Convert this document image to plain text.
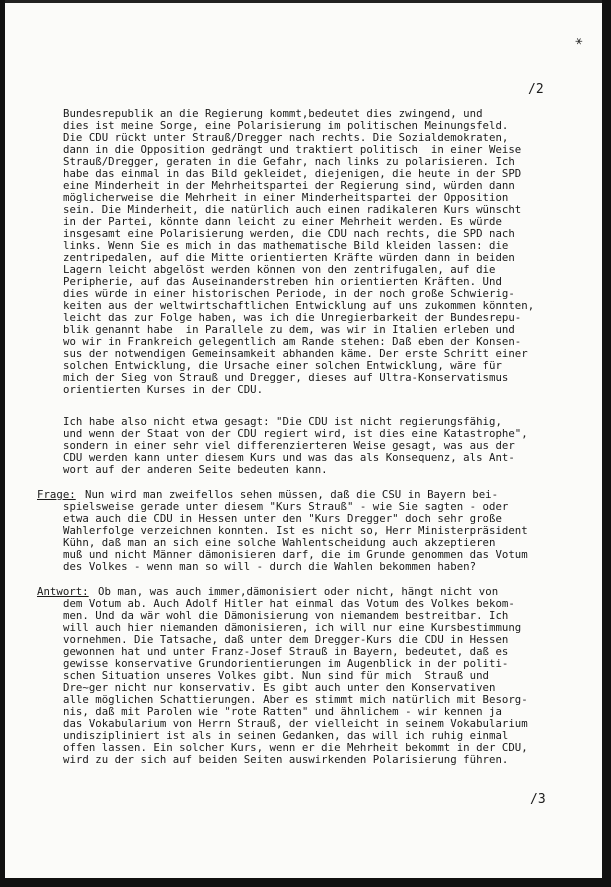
*
/2
Bundesrepublik an die Regierung kommt,bedeutet dies zwingend, und
dies ist meine Sorge, eine Polarisierung im politischen Meinungsfeld.
Die CDU rückt unter Strauß/Dregger nach rechts. Die Sozialdemokraten,
dann in die Opposition gedrängt und traktiert politisch  in einer Weise
Strauß/Dregger, geraten in die Gefahr, nach links zu polarisieren. Ich
habe das einmal in das Bild gekleidet, diejenigen, die heute in der SPD
eine Minderheit in der Mehrheitspartei der Regierung sind, würden dann
möglicherweise die Mehrheit in einer Minderheitspartei der Opposition
sein. Die Minderheit, die natürlich auch einen radikaleren Kurs wünscht
in der Partei, könnte dann leicht zu einer Mehrheit werden. Es würde
insgesamt eine Polarisierung werden, die CDU nach rechts, die SPD nach
links. Wenn Sie es mich in das mathematische Bild kleiden lassen: die
zentripedalen, auf die Mitte orientierten Kräfte würden dann in beiden
Lagern leicht abgelöst werden können von den zentrifugalen, auf die
Peripherie, auf das Auseinanderstreben hin orientierten Kräften. Und
dies würde in einer historischen Periode, in der noch große Schwierig-
keiten aus der weltwirtschaftlichen Entwicklung auf uns zukommen könnten,
leicht das zur Folge haben, was ich die Unregierbarkeit der Bundesrepu-
blik genannt habe  in Parallele zu dem, was wir in Italien erleben und
wo wir in Frankreich gelegentlich am Rande stehen: Daß eben der Konsen-
sus der notwendigen Gemeinsamkeit abhanden käme. Der erste Schritt einer
solchen Entwicklung, die Ursache einer solchen Entwicklung, wäre für
mich der Sieg von Strauß und Dregger, dieses auf Ultra-Konservatismus
orientierten Kurses in der CDU.
Ich habe also nicht etwa gesagt: "Die CDU ist nicht regierungsfähig,
und wenn der Staat von der CDU regiert wird, ist dies eine Katastrophe",
sondern in einer sehr viel differenzierteren Weise gesagt, was aus der
CDU werden kann unter diesem Kurs und was das als Konsequenz, als Ant-
wort auf der anderen Seite bedeuten kann.
Frage: Nun wird man zweifellos sehen müssen, daß die CSU in Bayern bei-
spielsweise gerade unter diesem "Kurs Strauß" - wie Sie sagten - oder
etwa auch die CDU in Hessen unter den "Kurs Dregger" doch sehr große
Wahlerfolge verzeichnen konnten. Ist es nicht so, Herr Ministerpräsident
Kühn, daß man an sich eine solche Wahlentscheidung auch akzeptieren
muß und nicht Männer dämonisieren darf, die im Grunde genommen das Votum
des Volkes - wenn man so will - durch die Wahlen bekommen haben?
Antwort: Ob man, was auch immer,dämonisiert oder nicht, hängt nicht von
dem Votum ab. Auch Adolf Hitler hat einmal das Votum des Volkes bekom-
men. Und da wär wohl die Dämonisierung von niemandem bestreitbar. Ich
will auch hier niemanden dämonisieren, ich will nur eine Kursbestimmung
vornehmen. Die Tatsache, daß unter dem Dregger-Kurs die CDU in Hessen
gewonnen hat und unter Franz-Josef Strauß in Bayern, bedeutet, daß es
gewisse konservative Grundorientierungen im Augenblick in der politi-
schen Situation unseres Volkes gibt. Nun sind für mich  Strauß und
Dre~ger nicht nur konservativ. Es gibt auch unter den Konservativen
alle möglichen Schattierungen. Aber es stimmt mich natürlich mit Besorg-
nis, daß mit Parolen wie "rote Ratten" und ähnlichem - wir kennen ja
das Vokabularium von Herrn Strauß, der vielleicht in seinem Vokabularium
undiszipliniert ist als in seinen Gedanken, das will ich ruhig einmal
offen lassen. Ein solcher Kurs, wenn er die Mehrheit bekommt in der CDU,
wird zu der sich auf beiden Seiten auswirkenden Polarisierung führen.
/3
